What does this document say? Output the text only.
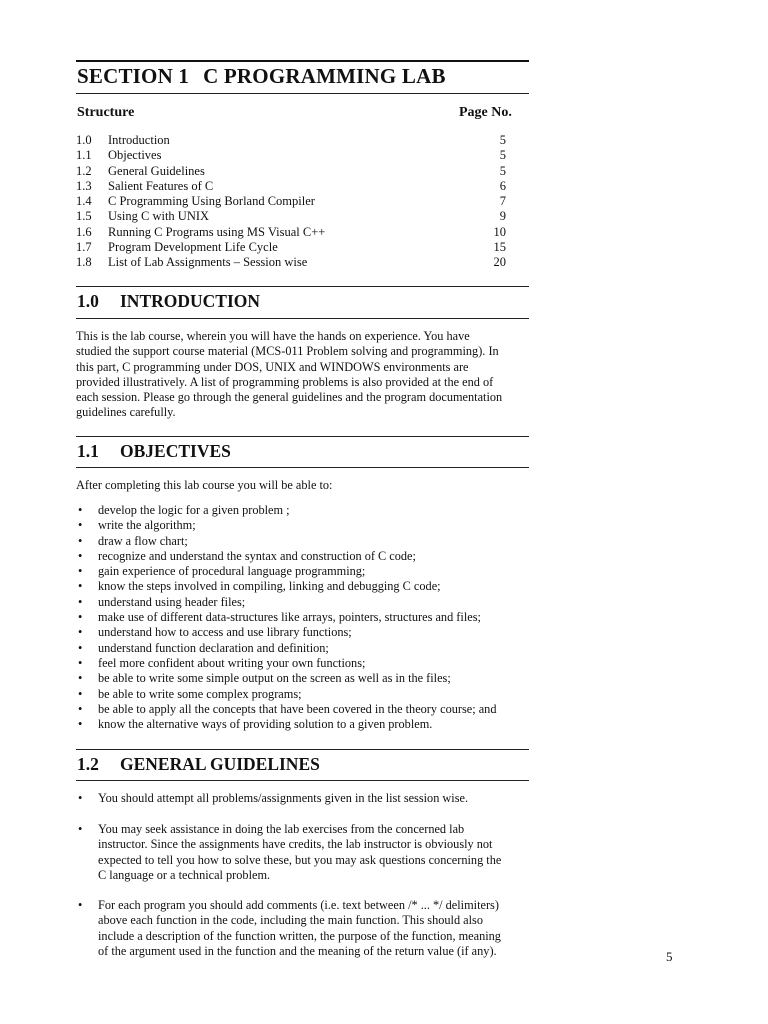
SECTION 1 C PROGRAMMING LAB
Structure	Page No.
1.0 Introduction	5
1.1 Objectives	5
1.2 General Guidelines	5
1.3 Salient Features of C	6
1.4 C Programming Using Borland Compiler	7
1.5 Using C with UNIX	9
1.6 Running C Programs using MS Visual C++	10
1.7 Program Development Life Cycle	15
1.8 List of Lab Assignments – Session wise	20
1.0 INTRODUCTION
This is the lab course, wherein you will have the hands on experience. You have
studied the support course material (MCS-011 Problem solving and programming). In
this part, C programming under DOS, UNIX and WINDOWS environments are
provided illustratively. A list of programming problems is also provided at the end of
each session. Please go through the general guidelines and the program documentation
guidelines carefully.
1.1 OBJECTIVES

After completing this lab course you will be able to:

• develop the logic for a given problem ;
• write the algorithm;
• draw a flow chart;
• recognize and understand the syntax and construction of C code;
• gain experience of procedural language programming;
• know the steps involved in compiling, linking and debugging C code;
• understand using header files;
• make use of different data-structures like arrays, pointers, structures and files;
• understand how to access and use library functions;
• understand function declaration and definition;
• feel more confident about writing your own functions;
• be able to write some simple output on the screen as well as in the files;
• be able to write some complex programs;
• be able to apply all the concepts that have been covered in the theory course; and
• know the alternative ways of providing solution to a given problem.
1.2 GENERAL GUIDELINES
• You should attempt all problems/assignments given in the list session wise.
• You may seek assistance in doing the lab exercises from the concerned lab
instructor. Since the assignments have credits, the lab instructor is obviously not
expected to tell you how to solve these, but you may ask questions concerning the
C language or a technical problem.
• For each program you should add comments (i.e. text between /* ... */ delimiters)
above each function in the code, including the main function. This should also
include a description of the function written, the purpose of the function, meaning
of the argument used in the function and the meaning of the return value (if any).	5
